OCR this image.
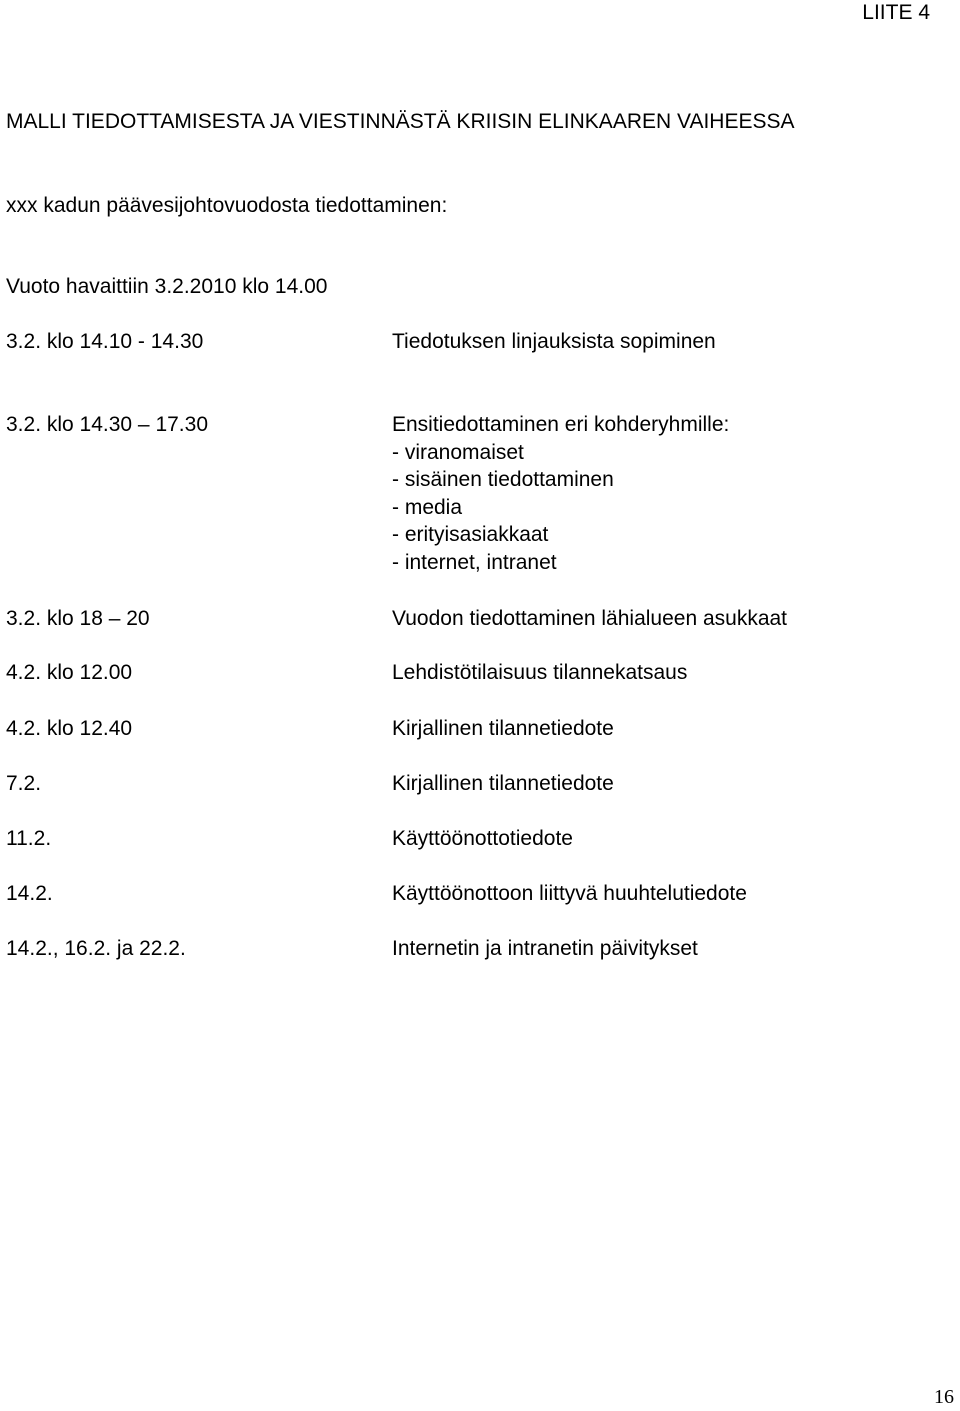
LIITE 4
MALLI TIEDOTTAMISESTA JA VIESTINNÄSTÄ KRIISIN ELINKAAREN VAIHEESSA
xxx kadun päävesijohtovuodosta tiedottaminen:
Vuoto havaittiin 3.2.2010 klo 14.00
3.2. klo 14.10 - 14.30	Tiedotuksen linjauksista sopiminen
3.2. klo 14.30 – 17.30	Ensitiedottaminen eri kohderyhmille:
- viranomaiset
- sisäinen tiedottaminen
- media
- erityisasiakkaat
- internet, intranet
3.2. klo 18 – 20	Vuodon tiedottaminen lähialueen asukkaat
4.2. klo 12.00	Lehdistötilaisuus tilannekatsaus
4.2. klo 12.40	Kirjallinen tilannetiedote
7.2.	Kirjallinen tilannetiedote
11.2.	Käyttöönottotiedote
14.2.	Käyttöönottoon liittyvä huuhtelutiedote
14.2., 16.2. ja 22.2.	Internetin ja intranetin päivitykset
16
